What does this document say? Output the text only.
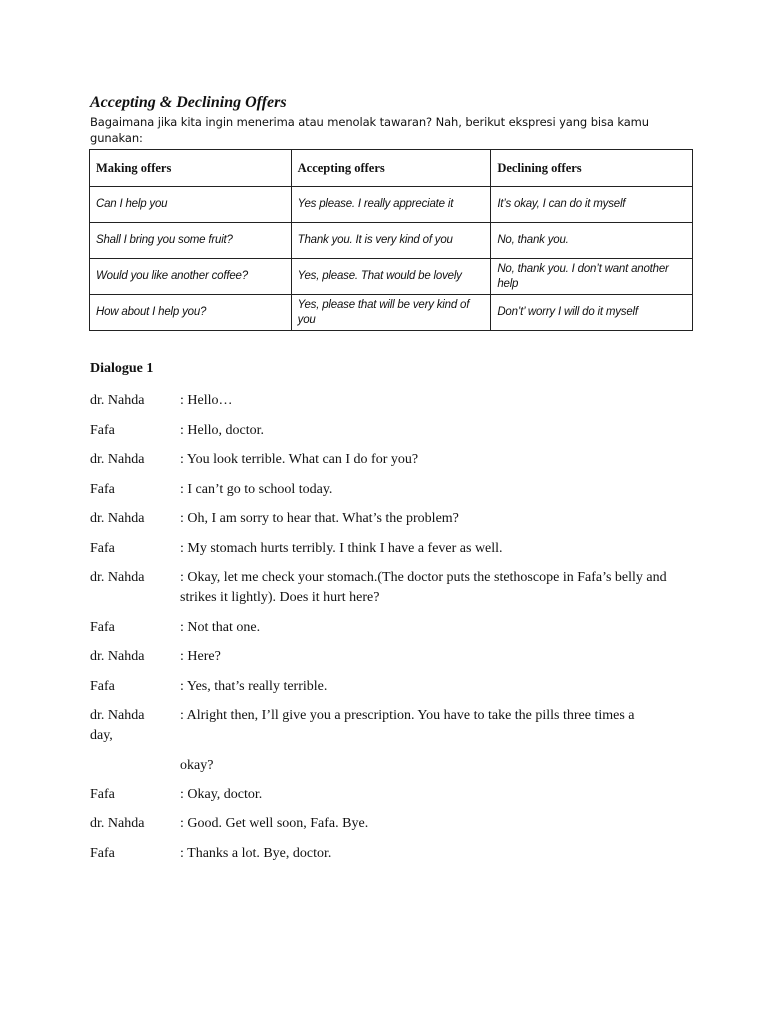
Accepting & Declining Offers
Bagaimana jika kita ingin menerima atau menolak tawaran? Nah, berikut ekspresi yang bisa kamu gunakan:
Making offers	Accepting offers	Declining offers
Can I help you	Yes please. I really appreciate it	It’s okay, I can do it myself
Shall I bring you some fruit?	Thank you. It is very kind of you	No, thank you.
Would you like another coffee?	Yes, please. That would be lovely	No, thank you. I don’t want another help
How about I help you?	Yes, please that will be very kind of you	Don’t’ worry I will do it myself
Dialogue 1
dr. Nahda	: Hello…
Fafa	: Hello, doctor.
dr. Nahda	: You look terrible. What can I do for you?
Fafa	: I can’t go to school today.
dr. Nahda	: Oh, I am sorry to hear that. What’s the problem?
Fafa	: My stomach hurts terribly. I think I have a fever as well.
dr. Nahda	: Okay, let me check your stomach.(The doctor puts the stethoscope in Fafa’s belly and strikes it lightly). Does it hurt here?
Fafa	: Not that one.
dr. Nahda	: Here?
Fafa	: Yes, that’s really terrible.
dr. Nahda	: Alright then, I’ll give you a prescription. You have to take the pills three times a
day,
okay?
Fafa	: Okay, doctor.
dr. Nahda	: Good. Get well soon, Fafa. Bye.
Fafa	: Thanks a lot. Bye, doctor.
